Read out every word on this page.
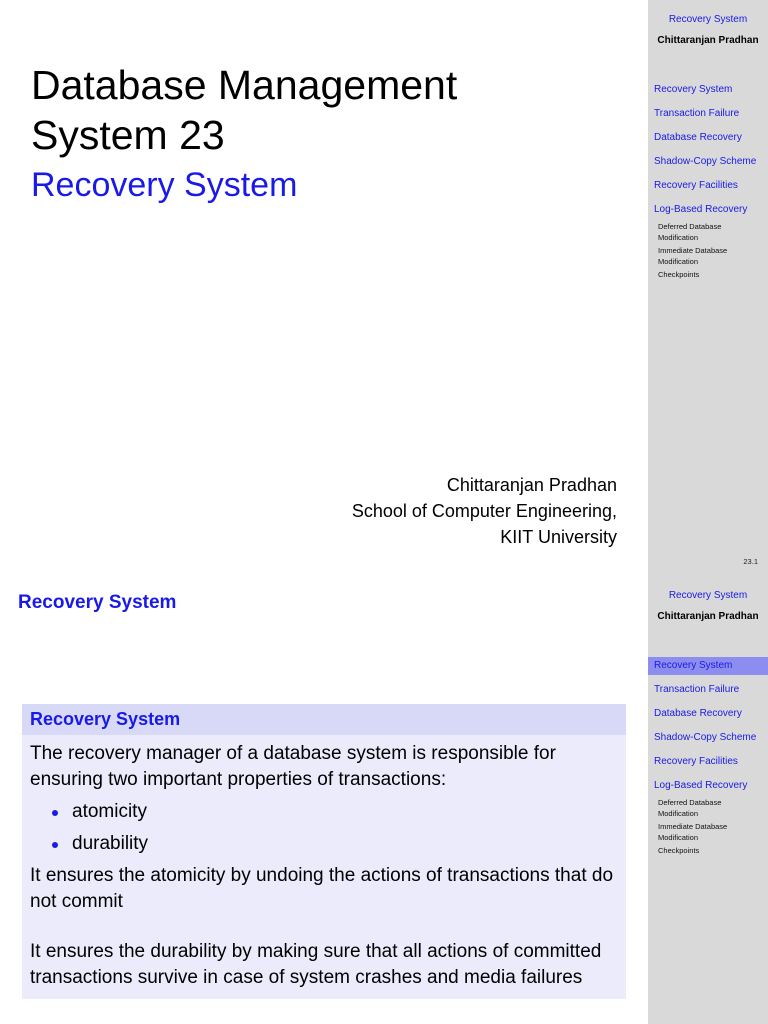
Database Management
System 23
Recovery System
Chittaranjan Pradhan
School of Computer Engineering,
KIIT University
Recovery System
Chittaranjan Pradhan
Recovery System
Transaction Failure
Database Recovery
Shadow-Copy Scheme
Recovery Facilities
Log-Based Recovery
Deferred Database Modification
Immediate Database Modification
Checkpoints
23.1
Recovery System
Recovery System

The recovery manager of a database system is responsible for ensuring two important properties of transactions:

atomicity
durability

It ensures the atomicity by undoing the actions of transactions that do not commit

It ensures the durability by making sure that all actions of committed transactions survive in case of system crashes and media failures

Recovery System
Chittaranjan Pradhan
Recovery System
Transaction Failure
Database Recovery
Shadow-Copy Scheme
Recovery Facilities
Log-Based Recovery
Deferred Database Modification
Immediate Database Modification
Checkpoints
